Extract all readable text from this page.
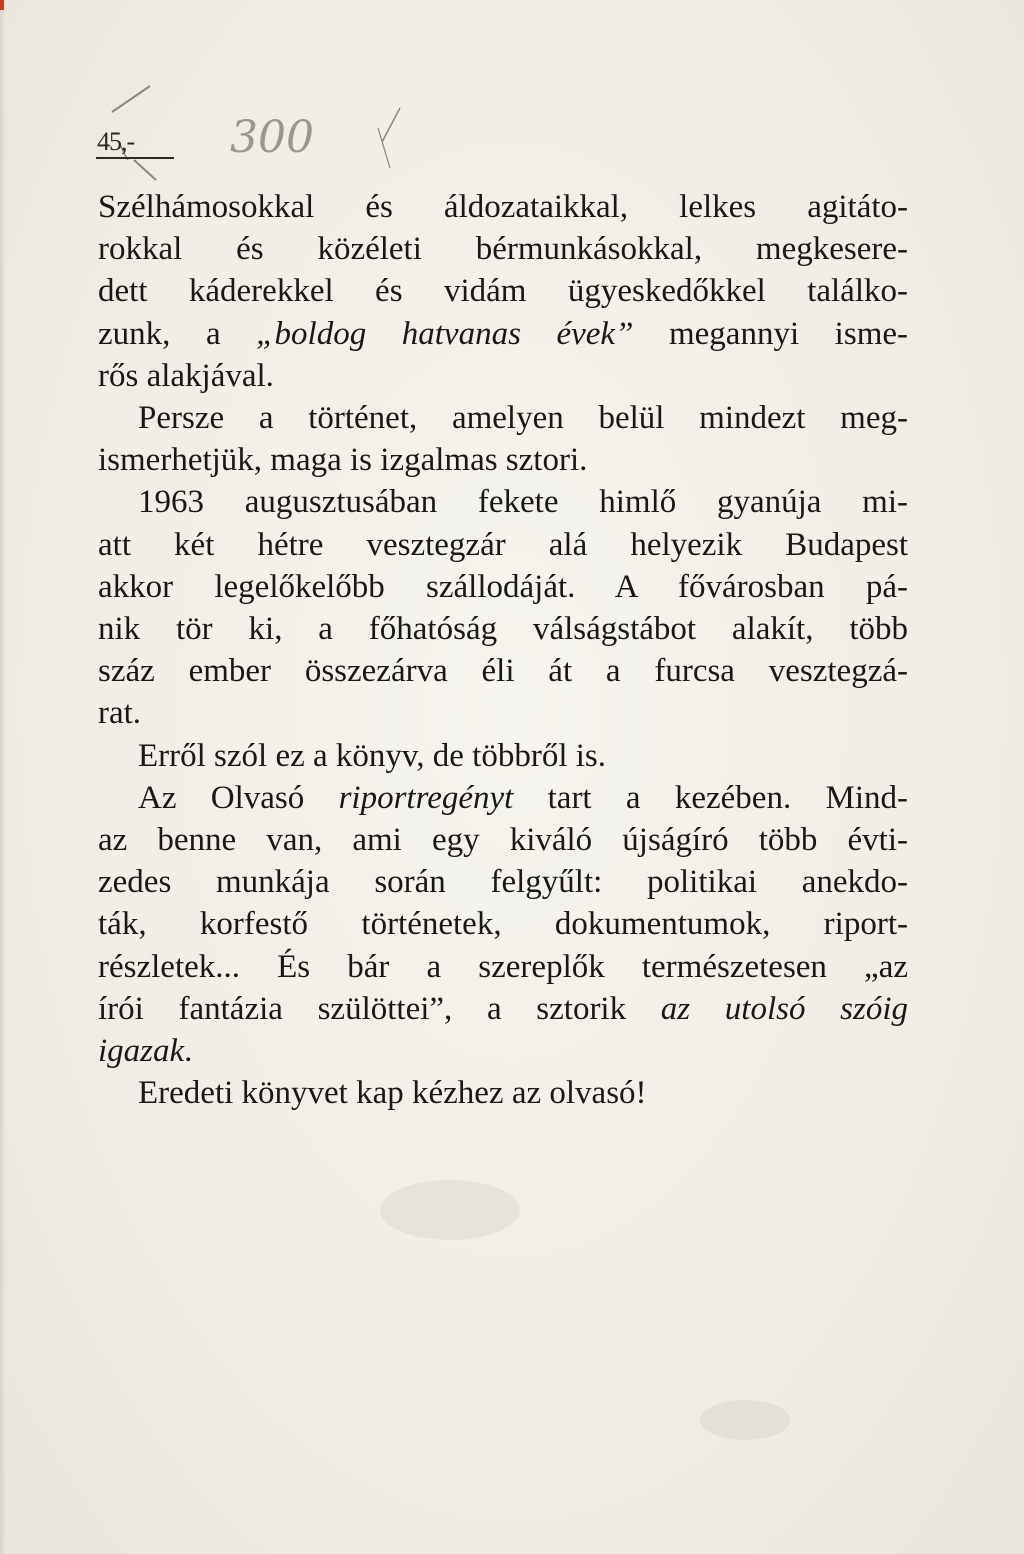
300
45,-
Szélhámosokkal és áldozataikkal, lelkes agitáto-
rokkal és közéleti bérmunkásokkal, megkesere-
dett káderekkel és vidám ügyeskedőkkel találko-
zunk, a „boldog hatvanas évek” megannyi isme-
rős alakjával.
Persze a történet, amelyen belül mindezt meg-
ismerhetjük, maga is izgalmas sztori.
1963 augusztusában fekete himlő gyanúja mi-
att két hétre vesztegzár alá helyezik Budapest
akkor legelőkelőbb szállodáját. A fővárosban pá-
nik tör ki, a főhatóság válságstábot alakít, több
száz ember összezárva éli át a furcsa vesztegzá-
rat.
Erről szól ez a könyv, de többről is.
Az Olvasó riportregényt tart a kezében. Mind-
az benne van, ami egy kiváló újságíró több évti-
zedes munkája során felgyűlt: politikai anekdo-
ták, korfestő történetek, dokumentumok, riport-
részletek... És bár a szereplők természetesen „az
írói fantázia szülöttei”, a sztorik az utolsó szóig
igazak.
Eredeti könyvet kap kézhez az olvasó!
